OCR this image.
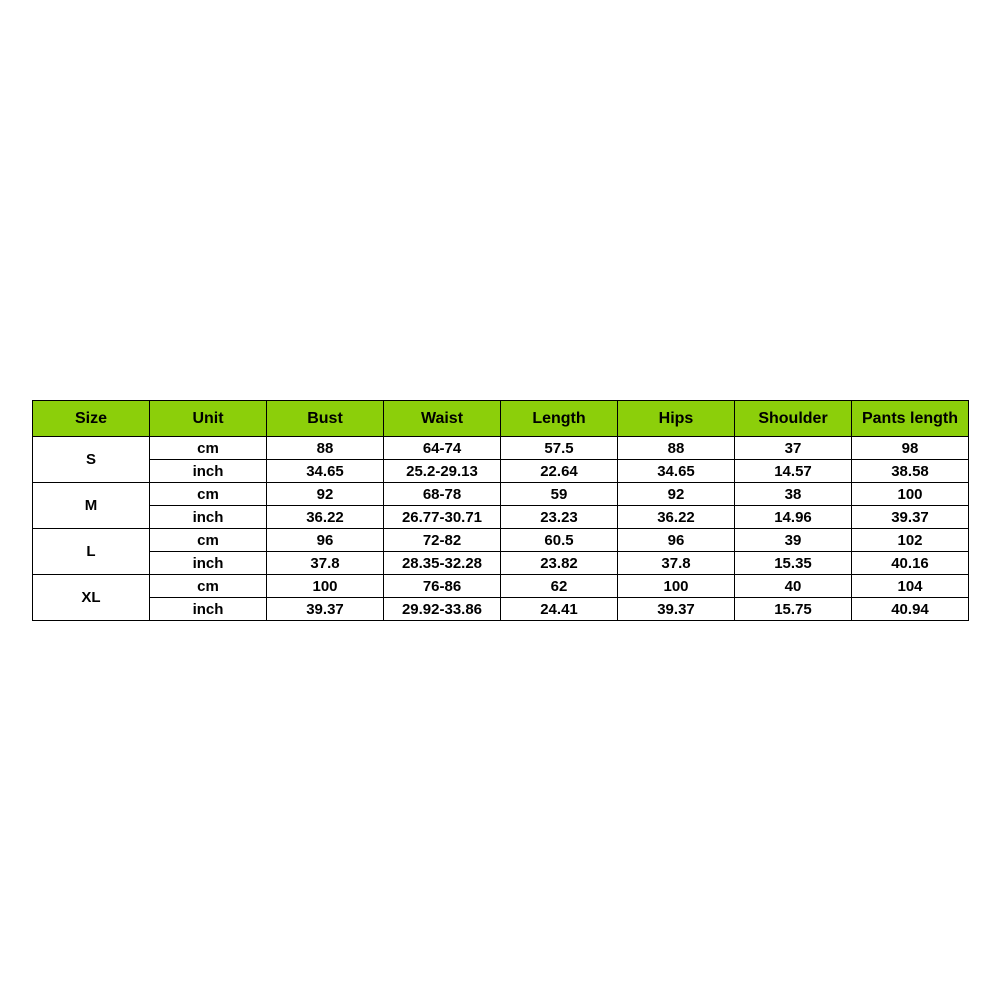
Size	Unit	Bust	Waist	Length	Hips	Shoulder	Pants length
S	cm	88	64-74	57.5	88	37	98
	inch	34.65	25.2-29.13	22.64	34.65	14.57	38.58
M	cm	92	68-78	59	92	38	100
	inch	36.22	26.77-30.71	23.23	36.22	14.96	39.37
L	cm	96	72-82	60.5	96	39	102
	inch	37.8	28.35-32.28	23.82	37.8	15.35	40.16
XL	cm	100	76-86	62	100	40	104
	inch	39.37	29.92-33.86	24.41	39.37	15.75	40.94
